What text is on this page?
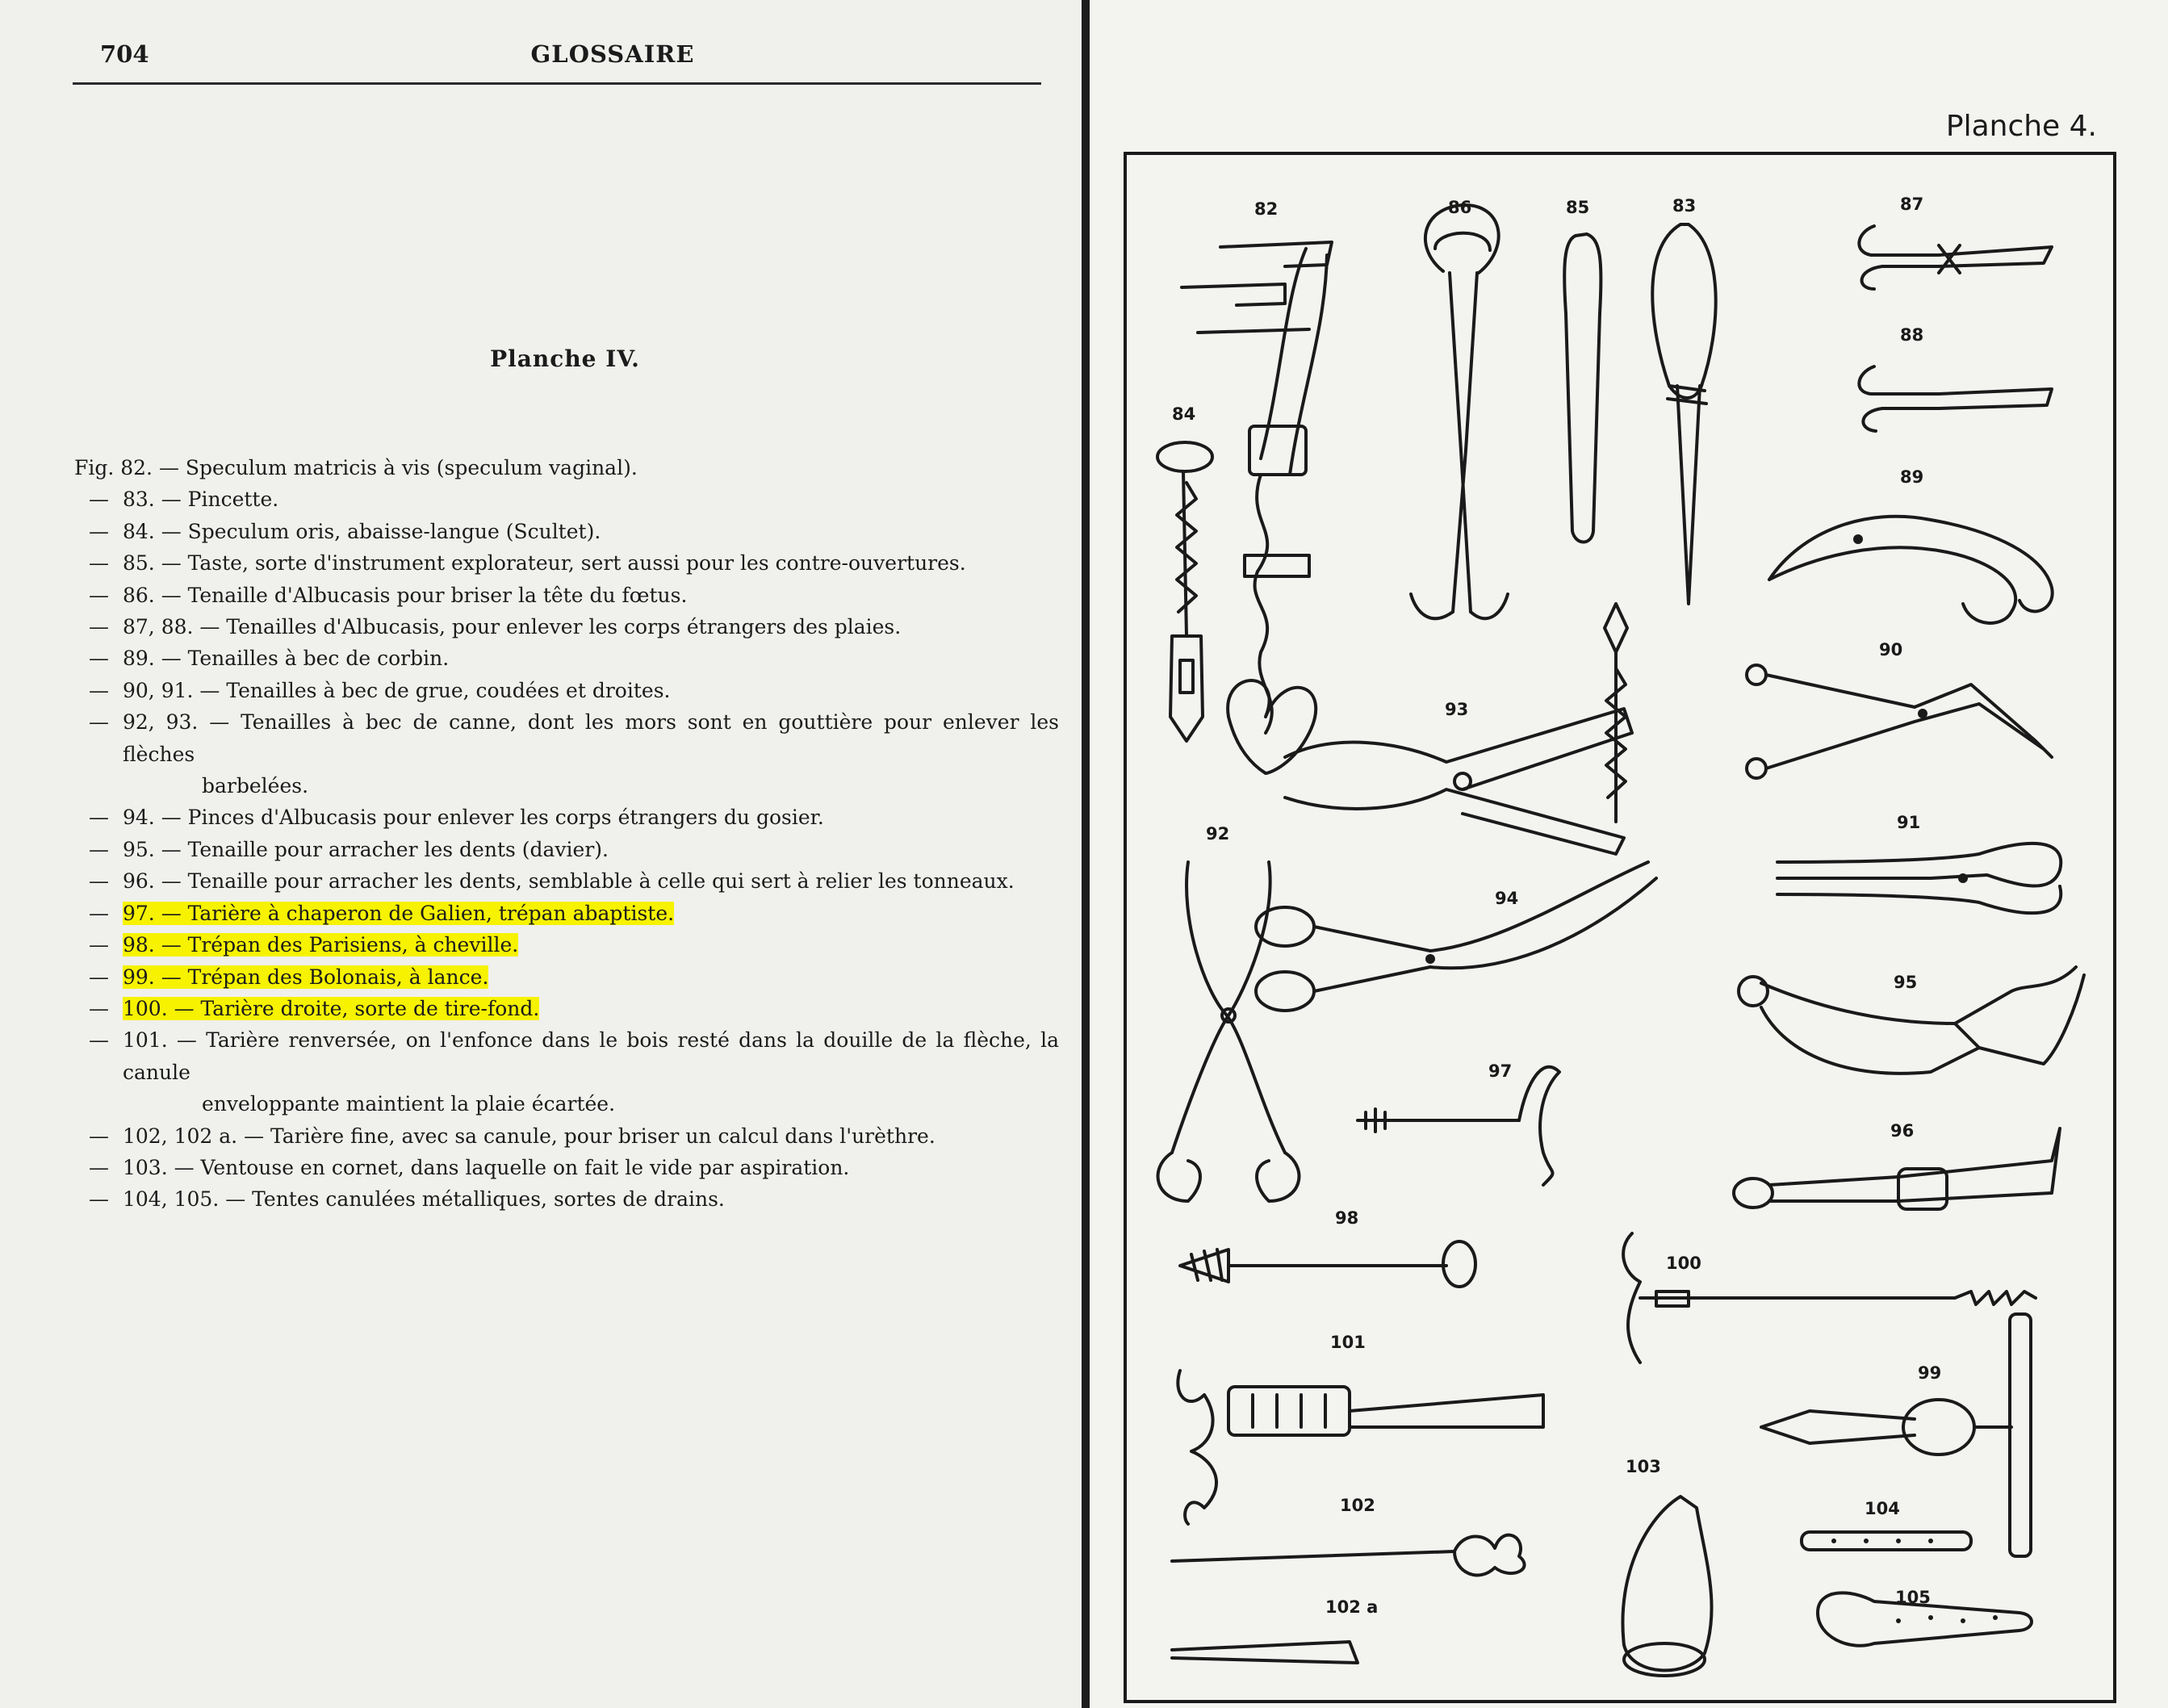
704	GLOSSAIRE
Planche IV.
Fig. 82. — Speculum matricis à vis (speculum vaginal).
— 83. — Pincette.
— 84. — Speculum oris, abaisse-langue (Scultet).
— 85. — Taste, sorte d'instrument explorateur, sert aussi pour les contre-ouvertures.
— 86. — Tenaille d'Albucasis pour briser la tête du fœtus.
— 87, 88. — Tenailles d'Albucasis, pour enlever les corps étrangers des plaies.
— 89. — Tenailles à bec de corbin.
— 90, 91. — Tenailles à bec de grue, coudées et droites.
— 92, 93. — Tenailles à bec de canne, dont les mors sont en gouttière pour enlever les flèches
barbelées.
— 94. — Pinces d'Albucasis pour enlever les corps étrangers du gosier.
— 95. — Tenaille pour arracher les dents (davier).
— 96. — Tenaille pour arracher les dents, semblable à celle qui sert à relier les tonneaux.
— 97. — Tarière à chaperon de Galien, trépan abaptiste.
— 98. — Trépan des Parisiens, à cheville.
— 99. — Trépan des Bolonais, à lance.
— 100. — Tarière droite, sorte de tire-fond.
— 101. — Tarière renversée, on l'enfonce dans le bois resté dans la douille de la flèche, la canule
enveloppante maintient la plaie écartée.
— 102, 102 a. — Tarière fine, avec sa canule, pour briser un calcul dans l'urèthre.
— 103. — Ventouse en cornet, dans laquelle on fait le vide par aspiration.
— 104, 105. — Tentes canulées métalliques, sortes de drains.
Planche 4.
82	86	85	83	87
88
84
89
90
93
92
91
94
95
97
96
98
100
101
99
103
102	104
105
102 a
